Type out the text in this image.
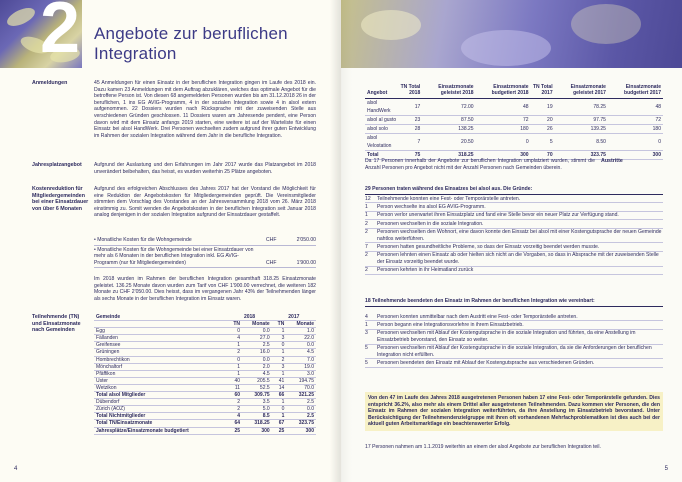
2 Angebote zur beruflichen Integration
Anmeldungen	45 Anmeldungen für einen Einsatz in der beruflichen Integration gingen im Laufe des 2018 ein. Dazu kamen 23 Anmeldungen mit dem Auftrag abzuklären, welches das optimale Angebot für die betroffene Person ist. Von diesen 68 angemeldeten Personen wurden bis am 31.12.2018 26 in der beruflichen, 1 ins EG AVIG-Programm, 4 in der sozialen Integration sowie 4 in alsol extern aufgenommen. 22 Dossiers wurden nach Rücksprache mit der zuweisenden Stelle aus verschiedenen Gründen geschlossen. 11 Dossiers waren am Jahresende pendent, eine Person davon wird mit dem Einsatz anfangs 2019 starten, eine weitere ist auf der Warteliste für einen Einsatz bei alsol HandWerk. Drei Personen wechselten zudem aufgrund ihrer guten Entwicklung im Rahmen der sozialen Integration während dem Jahr in die berufliche Integration.
Jahresplatzangebot	Aufgrund der Auslastung und den Erfahrungen im Jahr 2017 wurde das Platzangebot im 2018 unverändert beibehalten, das heisst, es wurden weiterhin 25 Plätze angeboten.
Kostenreduktion für Mitgliedergemeinden bei einer Einsatzdauer von über 6 Monaten
Aufgrund des erfolgreichen Abschlusses des Jahres 2017 hat der Vorstand die Möglichkeit für eine Reduktion der Angebotskosten für Mitgliedergemeinden geprüft. Die Vereinsmitglieder stimmten dem Vorschlag des Vorstandes an der Jahresversammlung 2018 vom 26. März 2018 einstimmig zu. Somit wenden die Angebotskosten in der beruflichen Integration seit Januar 2018 analog denjenigen in der sozialen Integration aufgrund der Einsatzdauer gestaffelt.
• Monatliche Kosten für die Wohngemeinde	CHF	2'050.00
• Monatliche Kosten für die Wohngemeinde bei einer Einsatzdauer von mehr als 6 Monaten in der beruflichen Integration inkl. EG AVIG-Programm (nur für Mitgliedergemeinden)	CHF	1'900.00
Im 2018 wurden im Rahmen der beruflichen Integration gesamthaft 318.25 Einsatzmonate geleistet. 136.25 Monate davon wurden zum Tarif von CHF 1'900.00 verrechnet, die weiteren 182 Monate zu CHF 2'050.00. Dies heisst, dass im vergangenen Jahr 43% der Teilnehmenden länger als sechs Monate in der beruflichen Integration im Einsatz waren.
Teilnehmende (TN) und Einsatzmonate nach Gemeinden
Gemeinde	2018		2017	
	TN	Monate	TN	Monate
Egg	0	0.0	1	1.0
Fällanden	4	27.0	3	22.0
Greifensee	1	2.5	0	0.0
Grüningen	2	16.0	1	4.5
Hombrechtikon	0	0.0	2	7.0
Mönchaltorf	1	2.0	3	19.0
Pfäffikon	1	4.5	1	3.0
Uster	40	205.5	41	194.75
Wetzikon	11	52.5	14	70.0
Total alsol Mitglieder	60	309.75	66	321.25
Dübendorf	2	3.5	1	2.5
Zürich (AOZ)	2	5.0	0	0.0
Total Nichtmitglieder	4	8.5	1	2.5
Total TN/Einsatzmonate	64	318.25	67	323.75
Jahresplätze/Einsatzmonate budgetiert	25	300	25	300
4
Angebot	TN Total 2018	Einsatzmonate geleistet 2018	Einsatzmonate budgetiert 2018	TN Total 2017	Einsatzmonate geleistet 2017	Einsatzmonate budgetiert 2017
alsol HandWerk	17	72.00	48	19	78.25	48
alsol al gusto	23	87.50	72	20	97.75	72
alsol solo	28	138.25	180	26	139.25	180
alsol Velostation	7	20.50	0	5	8.50	0
Total	75	318.25	300	70	323.75	300
Da 17 Personen innerhalb der Angebote zur beruflichen Integration umplatziert wurden, stimmt die Anzahl Personen pro Angebot nicht mit der Anzahl Personen nach Gemeinden überein.
Austritte
29 Personen traten während des Einsatzes bei alsol aus. Die Gründe:
12	Teilnehmende konnten eine Fest- oder Temporärstelle antreten.
1	Person wechselte ins alsol EG AVIG-Programm.
1	Person verlor unerwartet ihren Einsatzplatz und fand eine Stelle bevor ein neuer Platz zur Verfügung stand.
2	Personen wechselten in die soziale Integration.
2	Personen wechselten den Wohnort, eine davon konnte den Einsatz bei alsol mit einer Kostengutsprache der neuen Gemeinde nahtlos weiterführen.
7	Personen hatten gesundheitliche Probleme, so dass der Einsatz vorzeitig beendet werden musste.
2	Personen lehnten einen Einsatz ab oder hielten sich nicht an die Vorgaben, so dass in Absprache mit der zuweisenden Stelle der Einsatz vorzeitig beendet wurde.
2	Personen kehrten in ihr Heimatland zurück
18 Teilnehmende beendeten den Einsatz im Rahmen der beruflichen Integration wie vereinbart:
4	Personen konnten unmittelbar nach dem Austritt eine Fest- oder Temporärstelle antreten.
1	Person begann eine Integrationsvorlehre in ihrem Einsatzbetrieb.
3	Personen wechselten mit Ablauf der Kostengutsprache in die soziale Integration und führten, da eine Anstellung im Einsatzbetrieb bevorstand, den Einsatz so weiter.
5	Personen wechselten mit Ablauf der Kostengutsprache in die soziale Integration, da sie die Anforderungen der beruflichen Integration nicht erfüllten.
5	Personen beendeten den Einsatz mit Ablauf der Kostengutsprache aus verschiedenen Gründen.
Von den 47 im Laufe des Jahres 2018 ausgetretenen Personen haben 17 eine Fest- oder Temporärstelle gefunden. Dies entspricht 36.2%, also mehr als einem Drittel aller ausgetretenen Teilnehmenden. Dazu kommen vier Personen, die den Einsatz im Rahmen der sozialen Integration weiterführten, da ihre Anstellung im Einsatzbetrieb bevorstand. Unter Berücksichtigung der Teilnehmendenzielgruppe mit ihren oft vorhandenen Mehrfachproblematiken ist dies auch bei der aktuell guten Arbeitsmarktlage ein beachtenswerter Erfolg.
17 Personen nahmen am 1.1.2019 weiterhin an einem der alsol Angebote zur beruflichen Integration teil.
5
